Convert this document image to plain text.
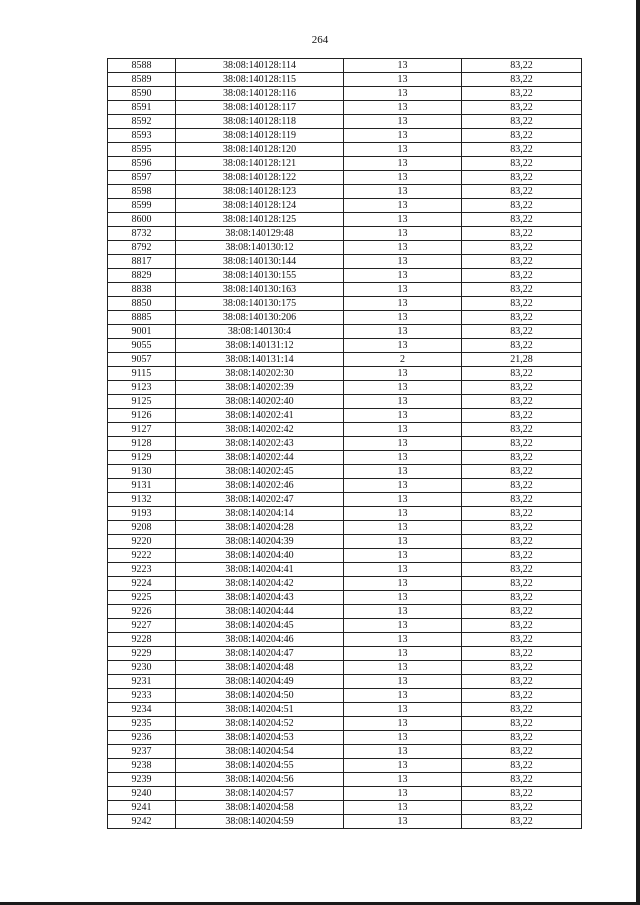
264
8588	38:08:140128:114	13	83,22
8589	38:08:140128:115	13	83,22
8590	38:08:140128:116	13	83,22
8591	38:08:140128:117	13	83,22
8592	38:08:140128:118	13	83,22
8593	38:08:140128:119	13	83,22
8595	38:08:140128:120	13	83,22
8596	38:08:140128:121	13	83,22
8597	38:08:140128:122	13	83,22
8598	38:08:140128:123	13	83,22
8599	38:08:140128:124	13	83,22
8600	38:08:140128:125	13	83,22
8732	38:08:140129:48	13	83,22
8792	38:08:140130:12	13	83,22
8817	38:08:140130:144	13	83,22
8829	38:08:140130:155	13	83,22
8838	38:08:140130:163	13	83,22
8850	38:08:140130:175	13	83,22
8885	38:08:140130:206	13	83,22
9001	38:08:140130:4	13	83,22
9055	38:08:140131:12	13	83,22
9057	38:08:140131:14	2	21,28
9115	38:08:140202:30	13	83,22
9123	38:08:140202:39	13	83,22
9125	38:08:140202:40	13	83,22
9126	38:08:140202:41	13	83,22
9127	38:08:140202:42	13	83,22
9128	38:08:140202:43	13	83,22
9129	38:08:140202:44	13	83,22
9130	38:08:140202:45	13	83,22
9131	38:08:140202:46	13	83,22
9132	38:08:140202:47	13	83,22
9193	38:08:140204:14	13	83,22
9208	38:08:140204:28	13	83,22
9220	38:08:140204:39	13	83,22
9222	38:08:140204:40	13	83,22
9223	38:08:140204:41	13	83,22
9224	38:08:140204:42	13	83,22
9225	38:08:140204:43	13	83,22
9226	38:08:140204:44	13	83,22
9227	38:08:140204:45	13	83,22
9228	38:08:140204:46	13	83,22
9229	38:08:140204:47	13	83,22
9230	38:08:140204:48	13	83,22
9231	38:08:140204:49	13	83,22
9233	38:08:140204:50	13	83,22
9234	38:08:140204:51	13	83,22
9235	38:08:140204:52	13	83,22
9236	38:08:140204:53	13	83,22
9237	38:08:140204:54	13	83,22
9238	38:08:140204:55	13	83,22
9239	38:08:140204:56	13	83,22
9240	38:08:140204:57	13	83,22
9241	38:08:140204:58	13	83,22
9242	38:08:140204:59	13	83,22
